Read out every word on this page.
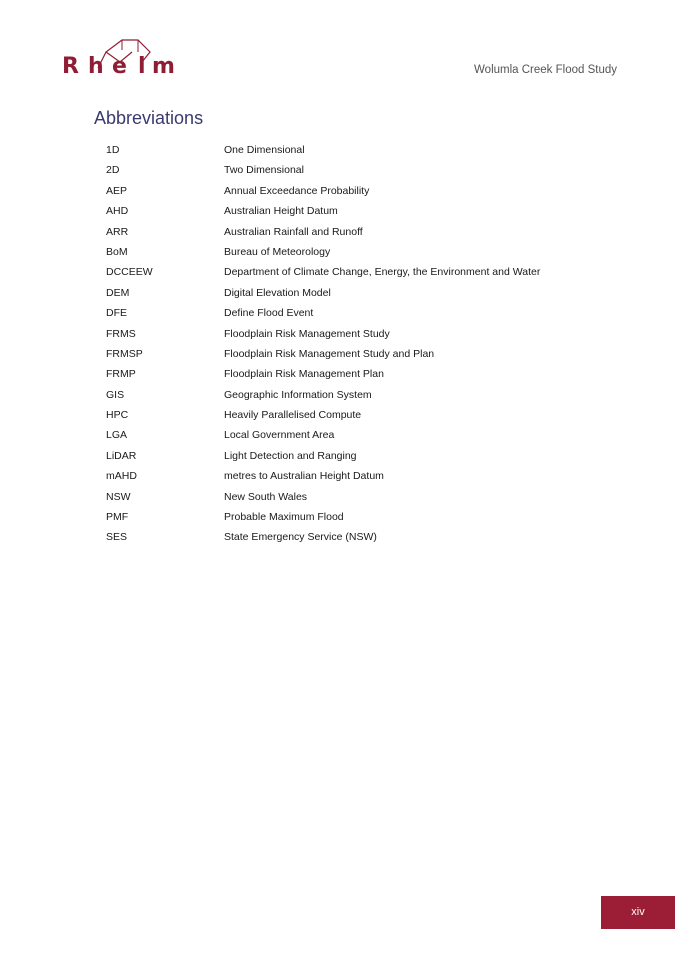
R h e l m	Wolumla Creek Flood Study
Abbreviations
1D	One Dimensional
2D	Two Dimensional
AEP	Annual Exceedance Probability
AHD	Australian Height Datum
ARR	Australian Rainfall and Runoff
BoM	Bureau of Meteorology
DCCEEW	Department of Climate Change, Energy, the Environment and Water
DEM	Digital Elevation Model
DFE	Define Flood Event
FRMS	Floodplain Risk Management Study
FRMSP	Floodplain Risk Management Study and Plan
FRMP	Floodplain Risk Management Plan
GIS	Geographic Information System
HPC	Heavily Parallelised Compute
LGA	Local Government Area
LiDAR	Light Detection and Ranging
mAHD	metres to Australian Height Datum
NSW	New South Wales
PMF	Probable Maximum Flood
SES	State Emergency Service (NSW)
xiv
